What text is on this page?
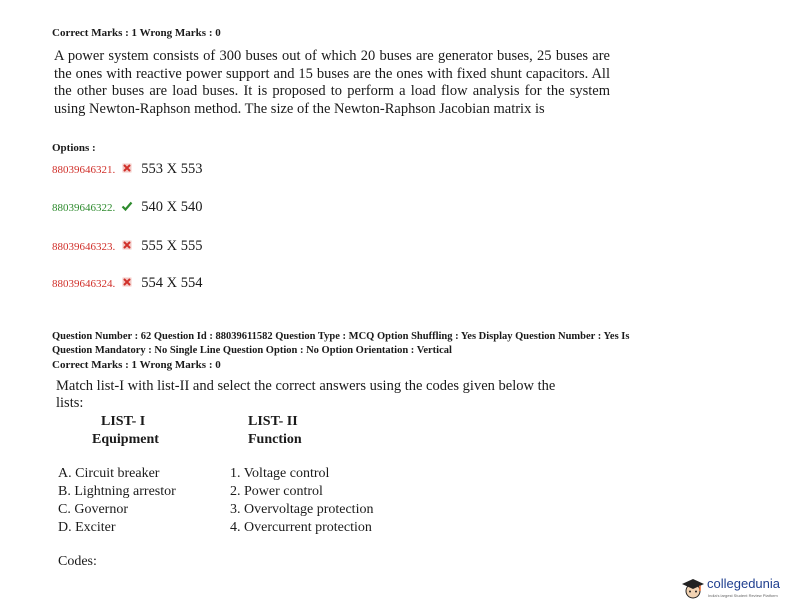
Correct Marks : 1 Wrong Marks : 0
A power system consists of 300 buses out of which 20 buses are generator buses, 25 buses are the ones with reactive power support and 15 buses are the ones with fixed shunt capacitors. All the other buses are load buses. It is proposed to perform a load flow analysis for the system using Newton-Raphson method. The size of the Newton-Raphson Jacobian matrix is
Options :
88039646321. 553 X 553
88039646322. 540 X 540
88039646323. 555 X 555
88039646324. 554 X 554
Question Number : 62 Question Id : 88039611582 Question Type : MCQ Option Shuffling : Yes Display Question Number : Yes Is
Question Mandatory : No Single Line Question Option : No Option Orientation : Vertical
Correct Marks : 1 Wrong Marks : 0
Match list-I with list-II and select the correct answers using the codes given below the
lists:
LIST- I
Equipment
LIST- II
Function
A. Circuit breaker
B. Lightning arrestor
C. Governor
D. Exciter
1. Voltage control
2. Power control
3. Overvoltage protection
4. Overcurrent protection
Codes:
collegedunia
India's largest Student Review Platform
